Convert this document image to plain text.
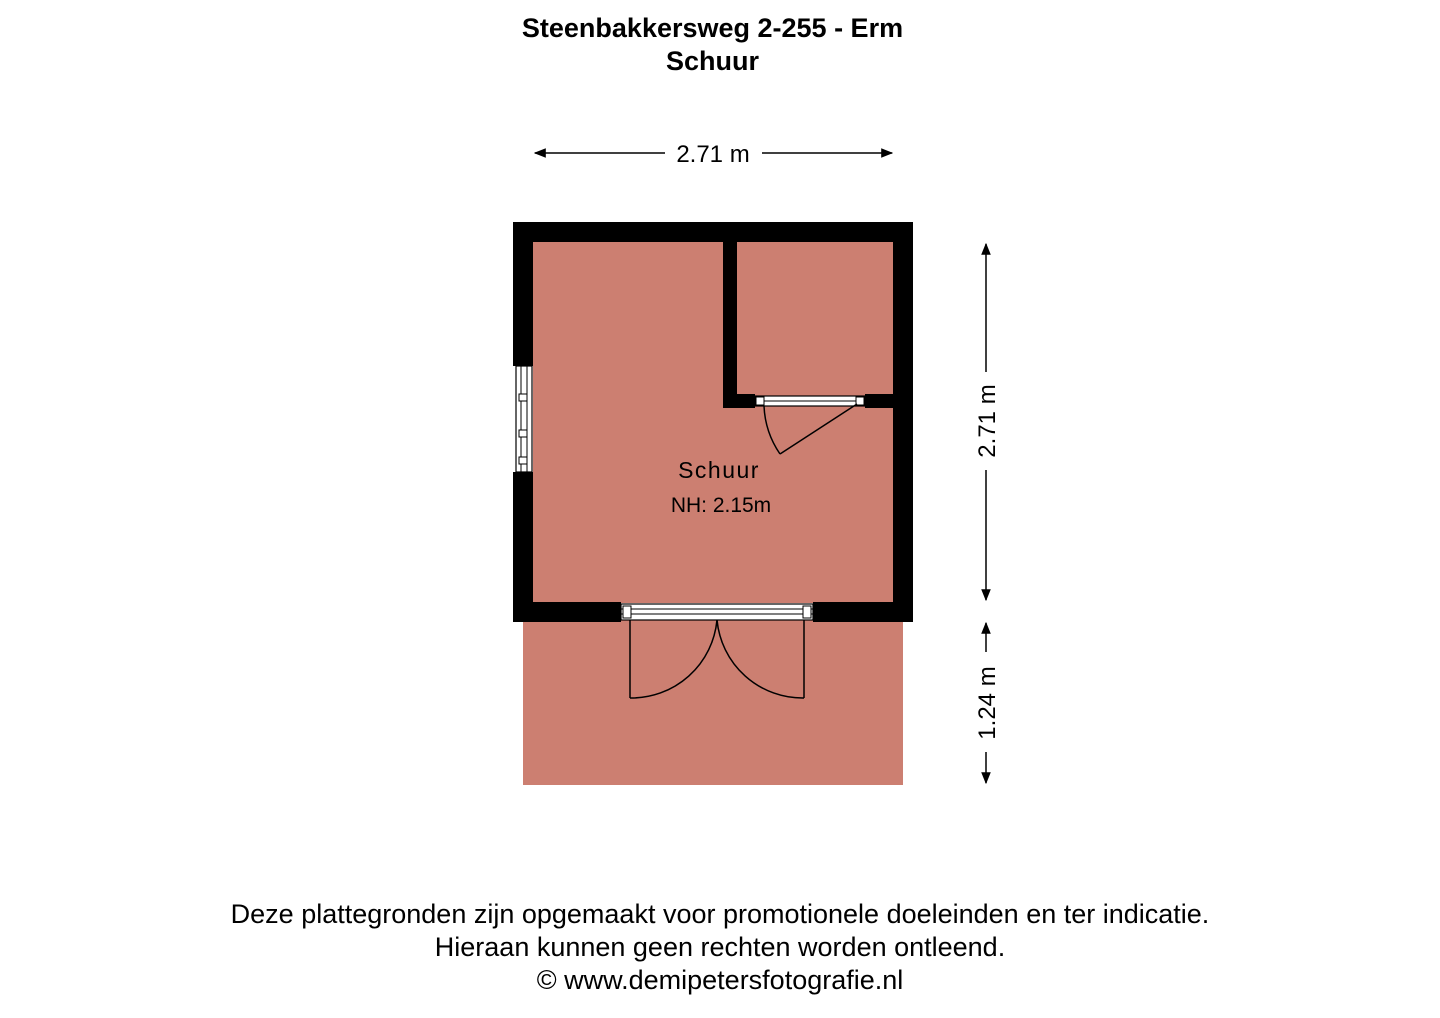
Steenbakkersweg 2-255 - Erm
Schuur
Schuur
NH: 2.15m
2.71 m
2.71 m
1.24 m
Deze plattegronden zijn opgemaakt voor promotionele doeleinden en ter indicatie.
Hieraan kunnen geen rechten worden ontleend.
© www.demipetersfotografie.nl
